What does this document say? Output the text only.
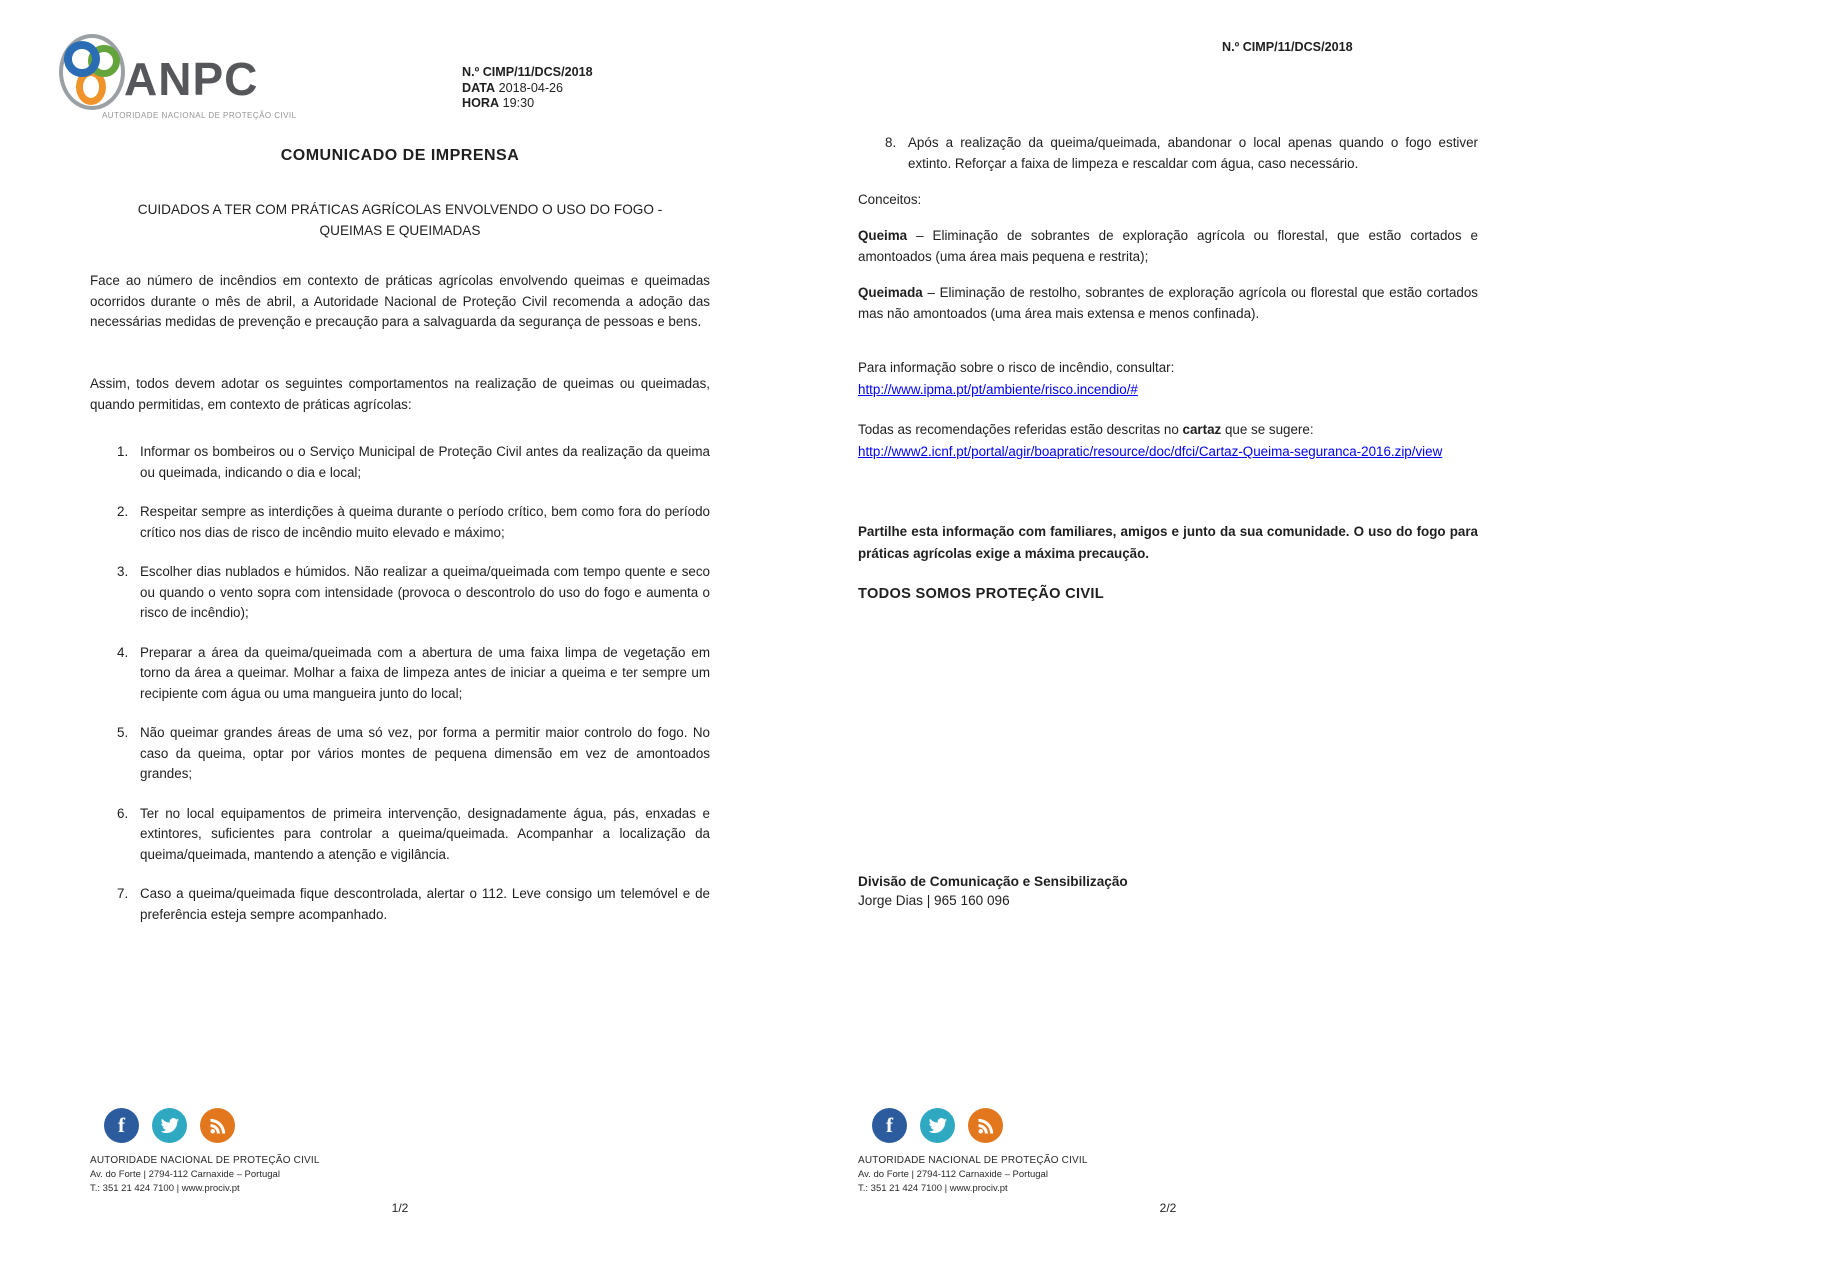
ANPC
AUTORIDADE NACIONAL DE PROTEÇÃO CIVIL
N.º CIMP/11/DCS/2018
DATA 2018-04-26
HORA 19:30
COMUNICADO DE IMPRENSA
CUIDADOS A TER COM PRÁTICAS AGRÍCOLAS ENVOLVENDO O USO DO FOGO -
QUEIMAS E QUEIMADAS
Face ao número de incêndios em contexto de práticas agrícolas envolvendo queimas e queimadas ocorridos durante o mês de abril, a Autoridade Nacional de Proteção Civil recomenda a adoção das necessárias medidas de prevenção e precaução para a salvaguarda da segurança de pessoas e bens.
Assim, todos devem adotar os seguintes comportamentos na realização de queimas ou queimadas, quando permitidas, em contexto de práticas agrícolas:
1. Informar os bombeiros ou o Serviço Municipal de Proteção Civil antes da realização da queima ou queimada, indicando o dia e local;
2. Respeitar sempre as interdições à queima durante o período crítico, bem como fora do período crítico nos dias de risco de incêndio muito elevado e máximo;
3. Escolher dias nublados e húmidos. Não realizar a queima/queimada com tempo quente e seco ou quando o vento sopra com intensidade (provoca o descontrolo do uso do fogo e aumenta o risco de incêndio);
4. Preparar a área da queima/queimada com a abertura de uma faixa limpa de vegetação em torno da área a queimar. Molhar a faixa de limpeza antes de iniciar a queima e ter sempre um recipiente com água ou uma mangueira junto do local;
5. Não queimar grandes áreas de uma só vez, por forma a permitir maior controlo do fogo. No caso da queima, optar por vários montes de pequena dimensão em vez de amontoados grandes;
6. Ter no local equipamentos de primeira intervenção, designadamente água, pás, enxadas e extintores, suficientes para controlar a queima/queimada. Acompanhar a localização da queima/queimada, mantendo a atenção e vigilância.
7. Caso a queima/queimada fique descontrolada, alertar o 112. Leve consigo um telemóvel e de preferência esteja sempre acompanhado.
f
AUTORIDADE NACIONAL DE PROTEÇÃO CIVIL
Av. do Forte | 2794-112 Carnaxide – Portugal
T.: 351 21 424 7100 | www.prociv.pt
1/2
N.º CIMP/11/DCS/2018
8. Após a realização da queima/queimada, abandonar o local apenas quando o fogo estiver extinto. Reforçar a faixa de limpeza e rescaldar com água, caso necessário.
Conceitos:
Queima – Eliminação de sobrantes de exploração agrícola ou florestal, que estão cortados e amontoados (uma área mais pequena e restrita);
Queimada – Eliminação de restolho, sobrantes de exploração agrícola ou florestal que estão cortados mas não amontoados (uma área mais extensa e menos confinada).
Para informação sobre o risco de incêndio, consultar:
http://www.ipma.pt/pt/ambiente/risco.incendio/#
Todas as recomendações referidas estão descritas no cartaz que se sugere:
http://www2.icnf.pt/portal/agir/boapratic/resource/doc/dfci/Cartaz-Queima-seguranca-2016.zip/view
Partilhe esta informação com familiares, amigos e junto da sua comunidade. O uso do fogo para práticas agrícolas exige a máxima precaução.
TODOS SOMOS PROTEÇÃO CIVIL
Divisão de Comunicação e Sensibilização
Jorge Dias | 965 160 096
f
AUTORIDADE NACIONAL DE PROTEÇÃO CIVIL
Av. do Forte | 2794-112 Carnaxide – Portugal
T.: 351 21 424 7100 | www.prociv.pt
2/2
